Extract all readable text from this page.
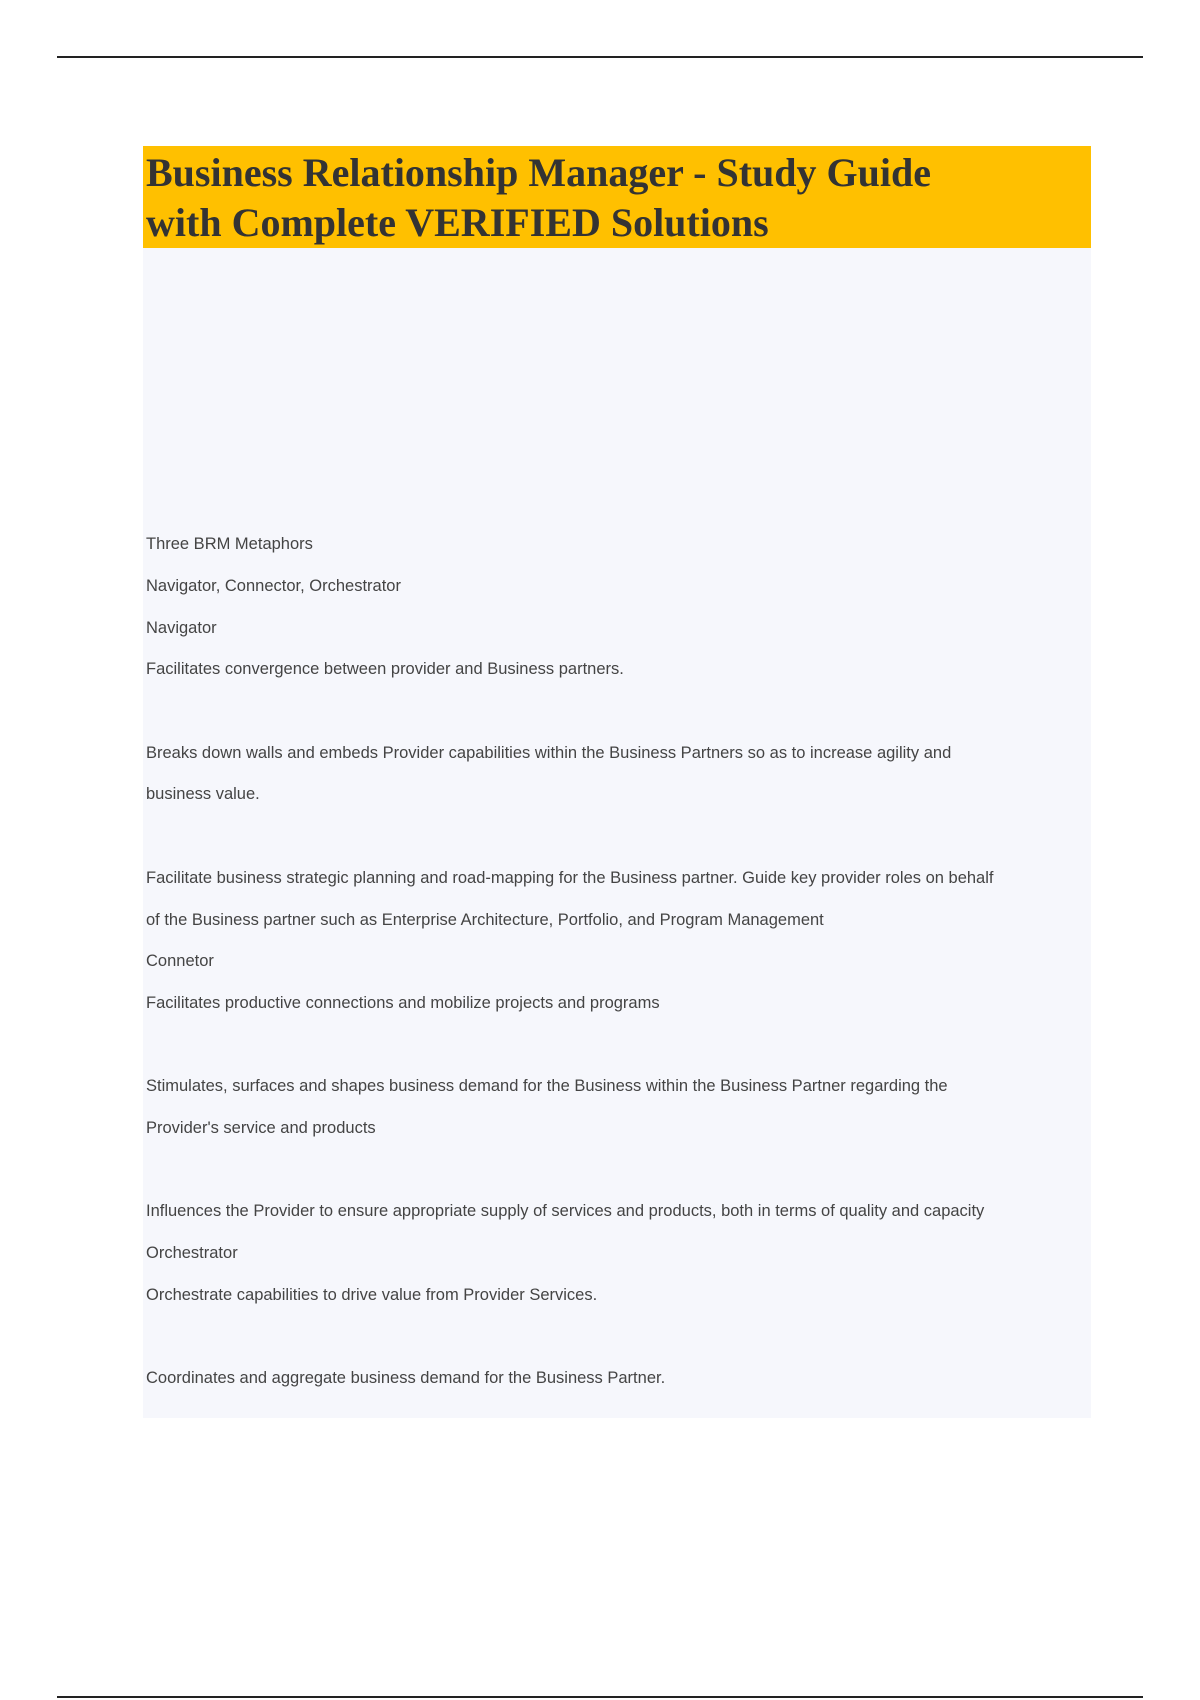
Business Relationship Manager - Study Guide
with Complete VERIFIED Solutions
Three BRM Metaphors
Navigator, Connector, Orchestrator
Navigator
Facilitates convergence between provider and Business partners.
Breaks down walls and embeds Provider capabilities within the Business Partners so as to increase agility and
business value.
Facilitate business strategic planning and road-mapping for the Business partner. Guide key provider roles on behalf
of the Business partner such as Enterprise Architecture, Portfolio, and Program Management
Connetor
Facilitates productive connections and mobilize projects and programs
Stimulates, surfaces and shapes business demand for the Business within the Business Partner regarding the
Provider's service and products
Influences the Provider to ensure appropriate supply of services and products, both in terms of quality and capacity
Orchestrator
Orchestrate capabilities to drive value from Provider Services.
Coordinates and aggregate business demand for the Business Partner.
